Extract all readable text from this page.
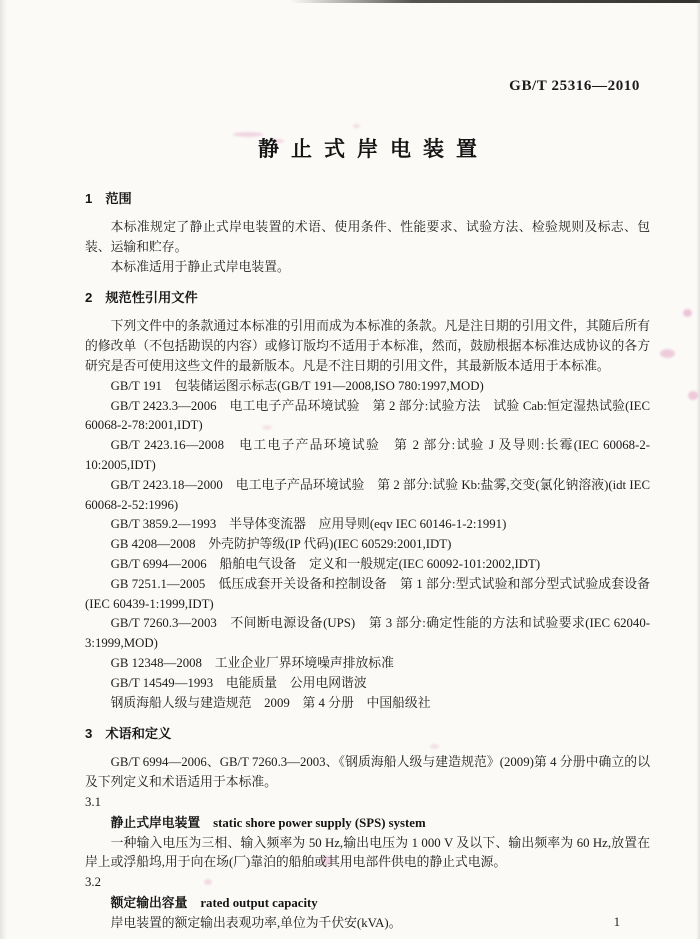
GB/T 25316—2010
静止式岸电装置
1 范围

本标准规定了静止式岸电装置的术语、使用条件、性能要求、试验方法、检验规则及标志、包装、运输和贮存。

本标准适用于静止式岸电装置。

2 规范性引用文件

下列文件中的条款通过本标准的引用而成为本标准的条款。凡是注日期的引用文件，其随后所有的修改单（不包括勘误的内容）或修订版均不适用于本标准，然而，鼓励根据本标准达成协议的各方研究是否可使用这些文件的最新版本。凡是不注日期的引用文件，其最新版本适用于本标准。

GB/T 191　包装储运图示标志(GB/T 191—2008,ISO 780:1997,MOD)

GB/T 2423.3—2006　电工电子产品环境试验　第 2 部分:试验方法　试验 Cab:恒定湿热试验(IEC 60068-2-78:2001,IDT)

GB/T 2423.16—2008　电工电子产品环境试验　第 2 部分:试验 J 及导则:长霉(IEC 60068-2-10:2005,IDT)

GB/T 2423.18—2000　电工电子产品环境试验　第 2 部分:试验 Kb:盐雾,交变(氯化钠溶液)(idt IEC 60068-2-52:1996)

GB/T 3859.2—1993　半导体变流器　应用导则(eqv IEC 60146-1-2:1991)

GB 4208—2008　外壳防护等级(IP 代码)(IEC 60529:2001,IDT)

GB/T 6994—2006　船舶电气设备　定义和一般规定(IEC 60092-101:2002,IDT)

GB 7251.1—2005　低压成套开关设备和控制设备　第 1 部分:型式试验和部分型式试验成套设备(IEC 60439-1:1999,IDT)

GB/T 7260.3—2003　不间断电源设备(UPS)　第 3 部分:确定性能的方法和试验要求(IEC 62040-3:1999,MOD)

GB 12348—2008　工业企业厂界环境噪声排放标准

GB/T 14549—1993　电能质量　公用电网谐波

钢质海船人级与建造规范　2009　第 4 分册　中国船级社

3 术语和定义

GB/T 6994—2006、GB/T 7260.3—2003、《钢质海船人级与建造规范》(2009)第 4 分册中确立的以及下列定义和术语适用于本标准。

3.1

静止式岸电装置 static shore power supply (SPS) system

一种输入电压为三相、输入频率为 50 Hz,输出电压为 1 000 V 及以下、输出频率为 60 Hz,放置在岸上或浮船坞,用于向在场(厂)靠泊的船舶或其用电部件供电的静止式电源。

3.2

额定输出容量 rated output capacity

岸电装置的额定输出表观功率,单位为千伏安(kVA)。	1
